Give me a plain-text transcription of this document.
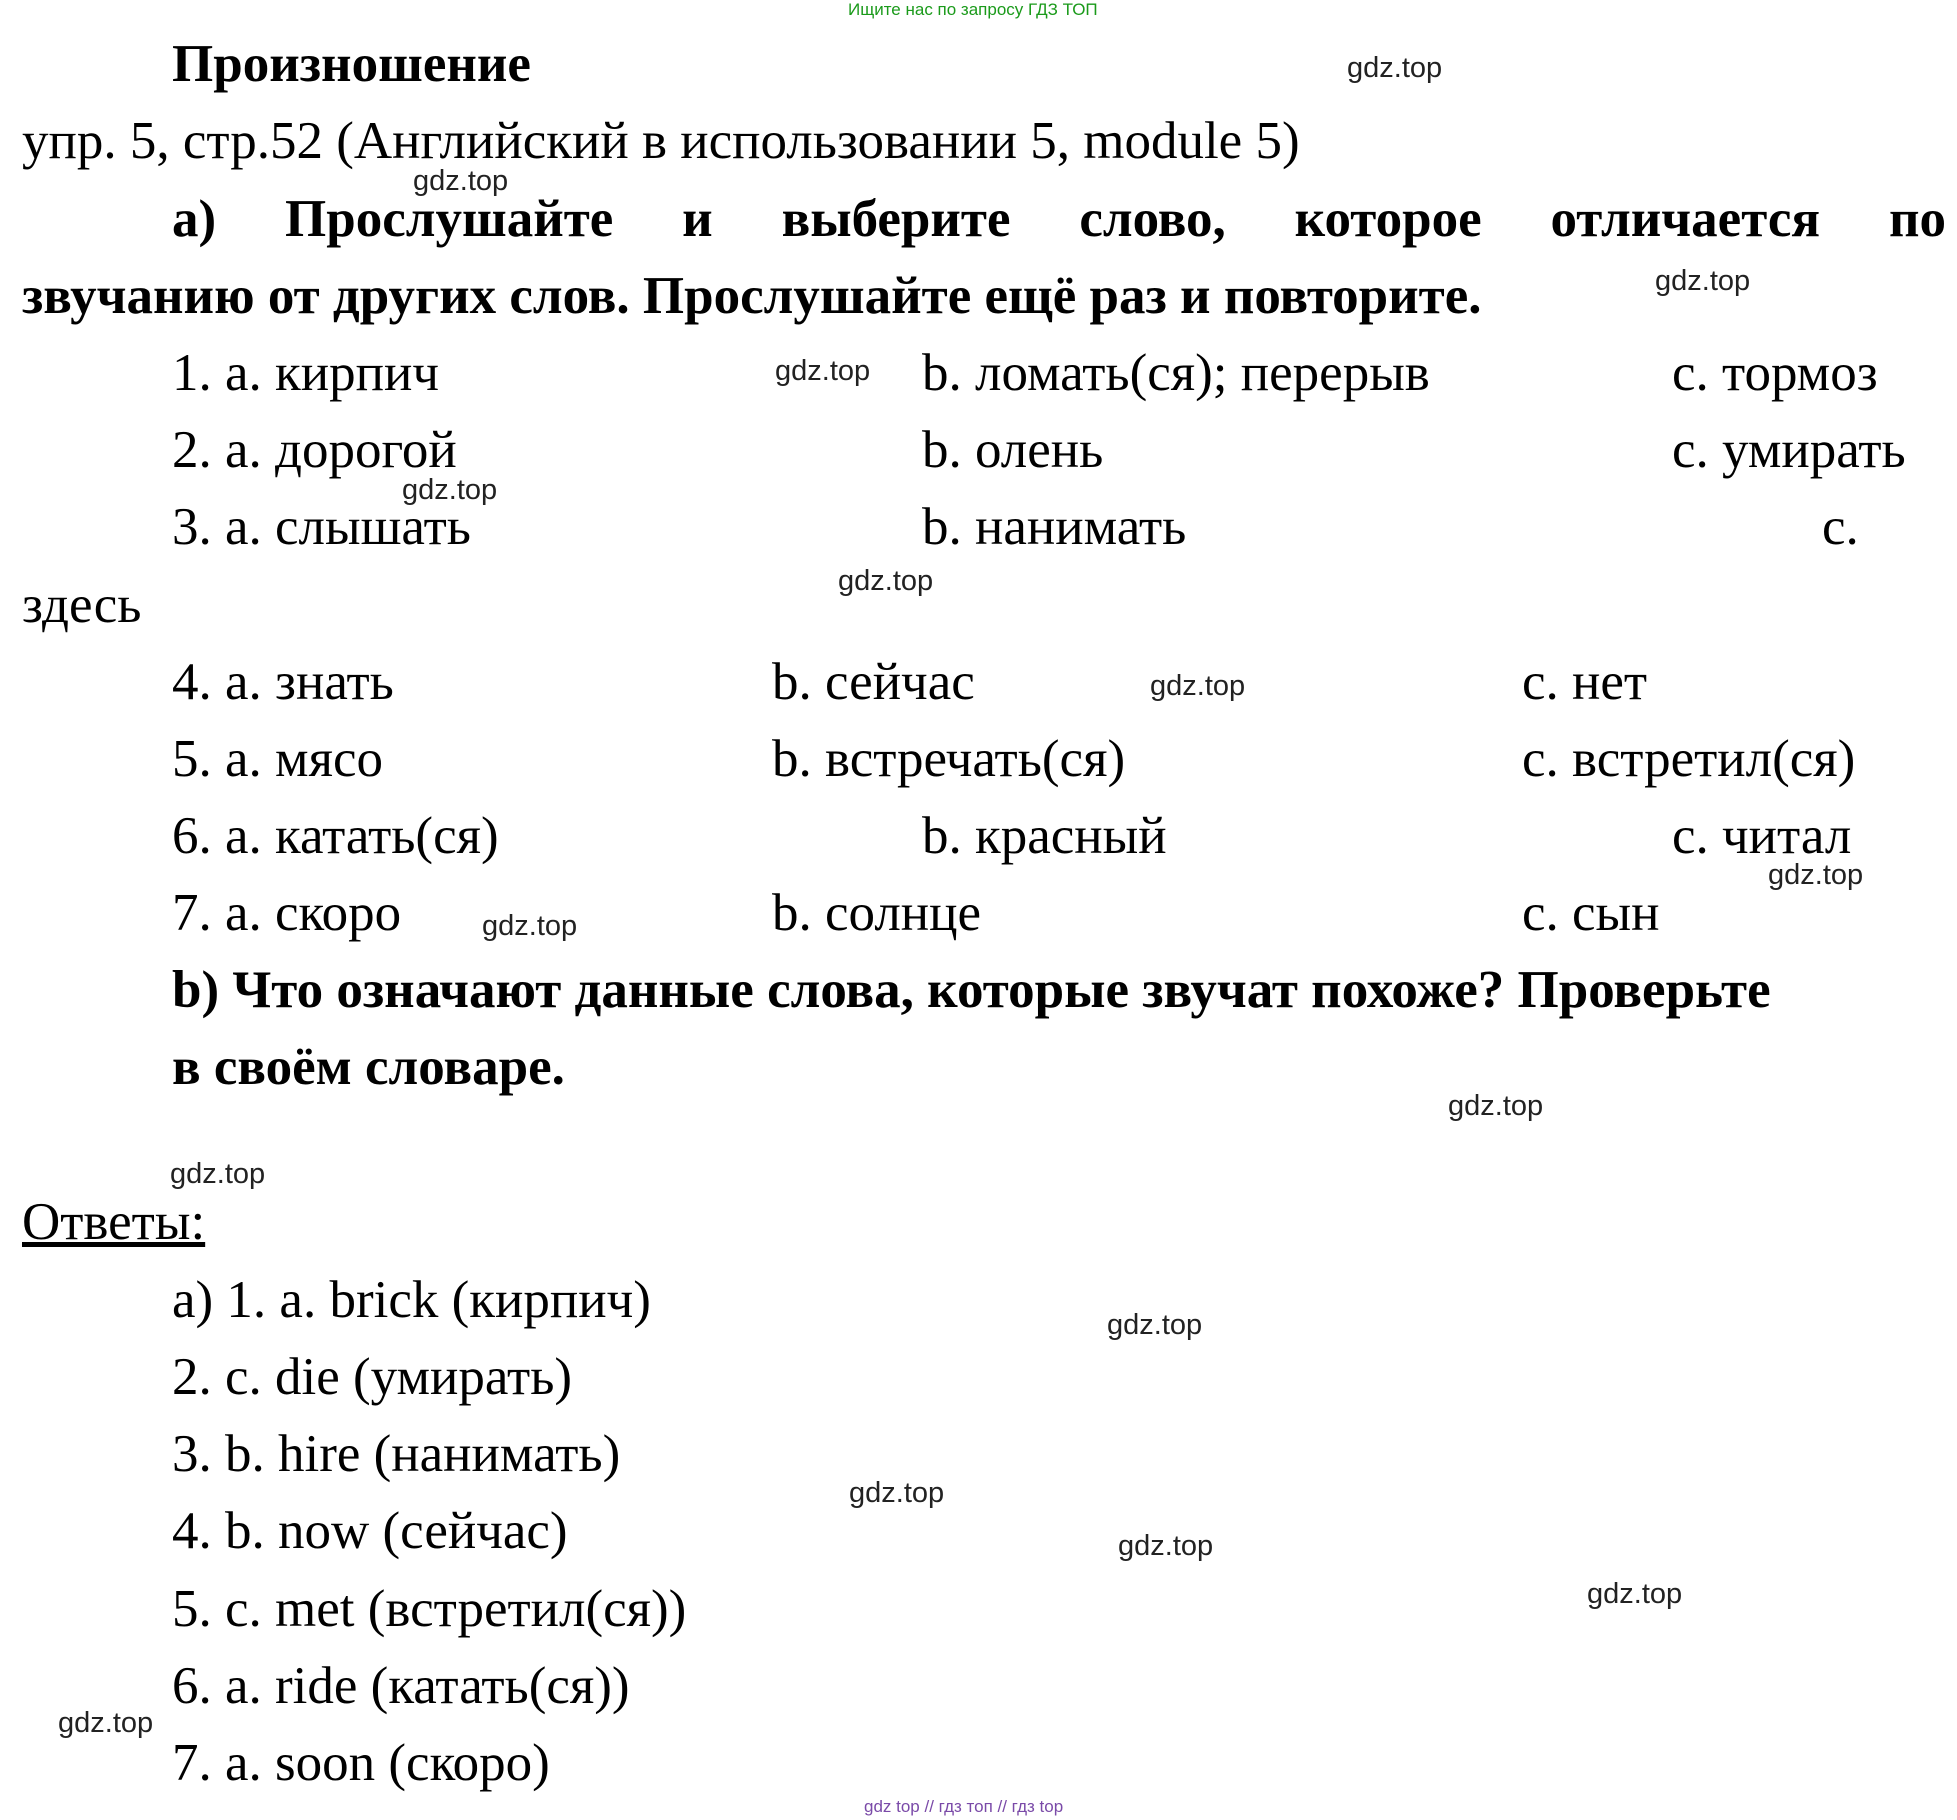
Ищите нас по запросу ГДЗ ТОП
Произношение
упр. 5, стр.52 (Английский в использовании 5, module 5)
a) Прослушайте и выберите слово, которое отличается по
звучанию от других слов. Прослушайте ещё раз и повторите.
1. a. кирпич	b. ломать(ся); перерыв	c. тормоз
2. a. дорогой	b. олень	c. умирать
3. a. слышать	b. нанимать	c.
здесь
4. a. знать	b. сейчас	c. нет
5. a. мясо	b. встречать(ся)	c. встретил(ся)
6. a. катать(ся)	b. красный	c. читал
7. a. скоро	b. солнце	c. сын
b) Что означают данные слова, которые звучат похоже? Проверьте
в своём словаре.
Ответы:
a) 1. a. brick (кирпич)
2. c. die (умирать)
3. b. hire (нанимать)
4. b. now (сейчас)
5. c. met (встретил(ся))
6. a. ride (катать(ся))
7. a. soon (скоро)
gdz.top
gdz.top
gdz.top
gdz.top
gdz.top
gdz.top
gdz.top
gdz.top
gdz.top
gdz.top
gdz.top
gdz.top
gdz.top
gdz.top
gdz.top
gdz.top
gdz top // гдз топ // гдз top
